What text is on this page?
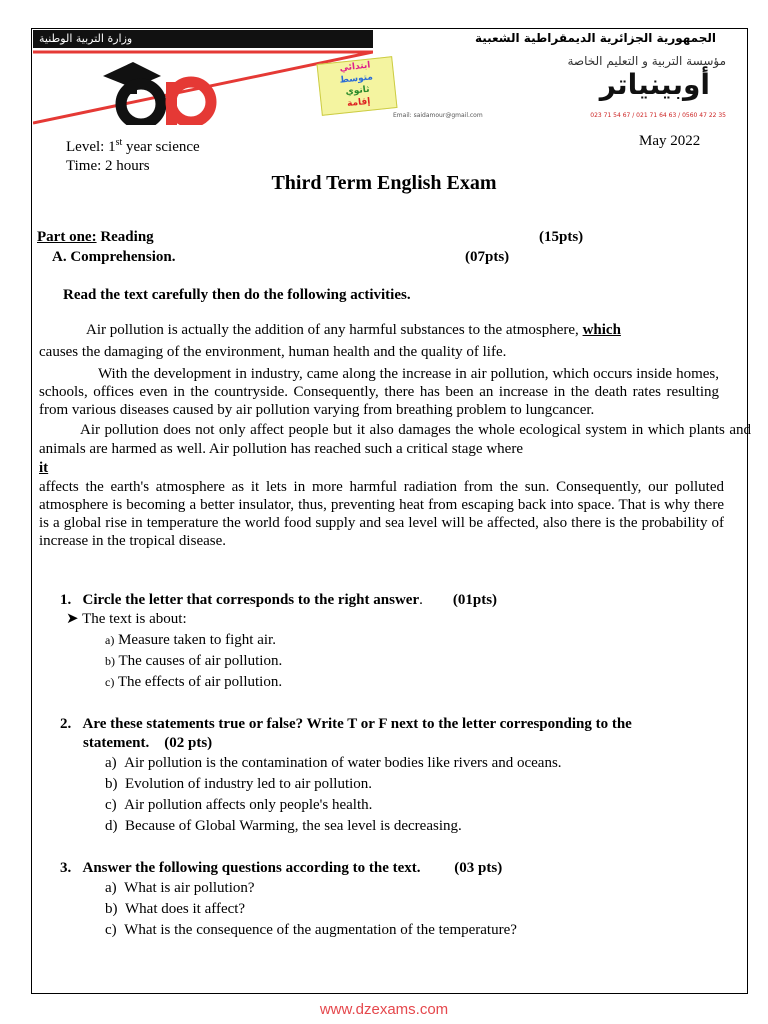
وزارة التربية الوطنية	الجمهورية الجزائرية الديمقراطية الشعبية
ابتدائي
متوسط
ثانوي
إقامة
مؤسسة التربية و التعليم الخاصة
أوبينياتر
Email: saidamour@gmail.com	023 71 54 67 / 021 71 64 63 / 0560 47 22 35
Level: 1st year science
Time: 2 hours
May 2022
Third Term English Exam
Part one: Reading	(15pts)
A. Comprehension.	(07pts)
Read the text carefully then do the following activities.
Air pollution is actually the addition of any harmful substances to the atmosphere, which
causes the damaging of the environment, human health and the quality of life.
With the development in industry, came along the increase in air pollution, which occurs inside homes, schools, offices even in the countryside. Consequently, there has been an increase in the death rates resulting from various diseases caused by air pollution varying from breathing problem to lungcancer.
Air pollution does not only affect people but it also damages the whole ecological system in which plants and animals are harmed as well. Air pollution has reached such a critical stage where
it
affects the earth's atmosphere as it lets in more harmful radiation from the sun. Consequently, our polluted atmosphere is becoming a better insulator, thus, preventing heat from escaping back into space. That is why there is a global rise in temperature the world food supply and sea level will be affected, also there is the probability of increase in the tropical disease.
1. Circle the letter that corresponds to the right answer. (01pts)
➤ The text is about:
a) Measure taken to fight air.
b) The causes of air pollution.
c) The effects of air pollution.
2. Are these statements true or false? Write T or F next to the letter corresponding to the
statement. (02 pts)
a) Air pollution is the contamination of water bodies like rivers and oceans.
b) Evolution of industry led to air pollution.
c) Air pollution affects only people's health.
d) Because of Global Warming, the sea level is decreasing.
3. Answer the following questions according to the text. (03 pts)
a) What is air pollution?
b) What does it affect?
c) What is the consequence of the augmentation of the temperature?
www.dzexams.com
